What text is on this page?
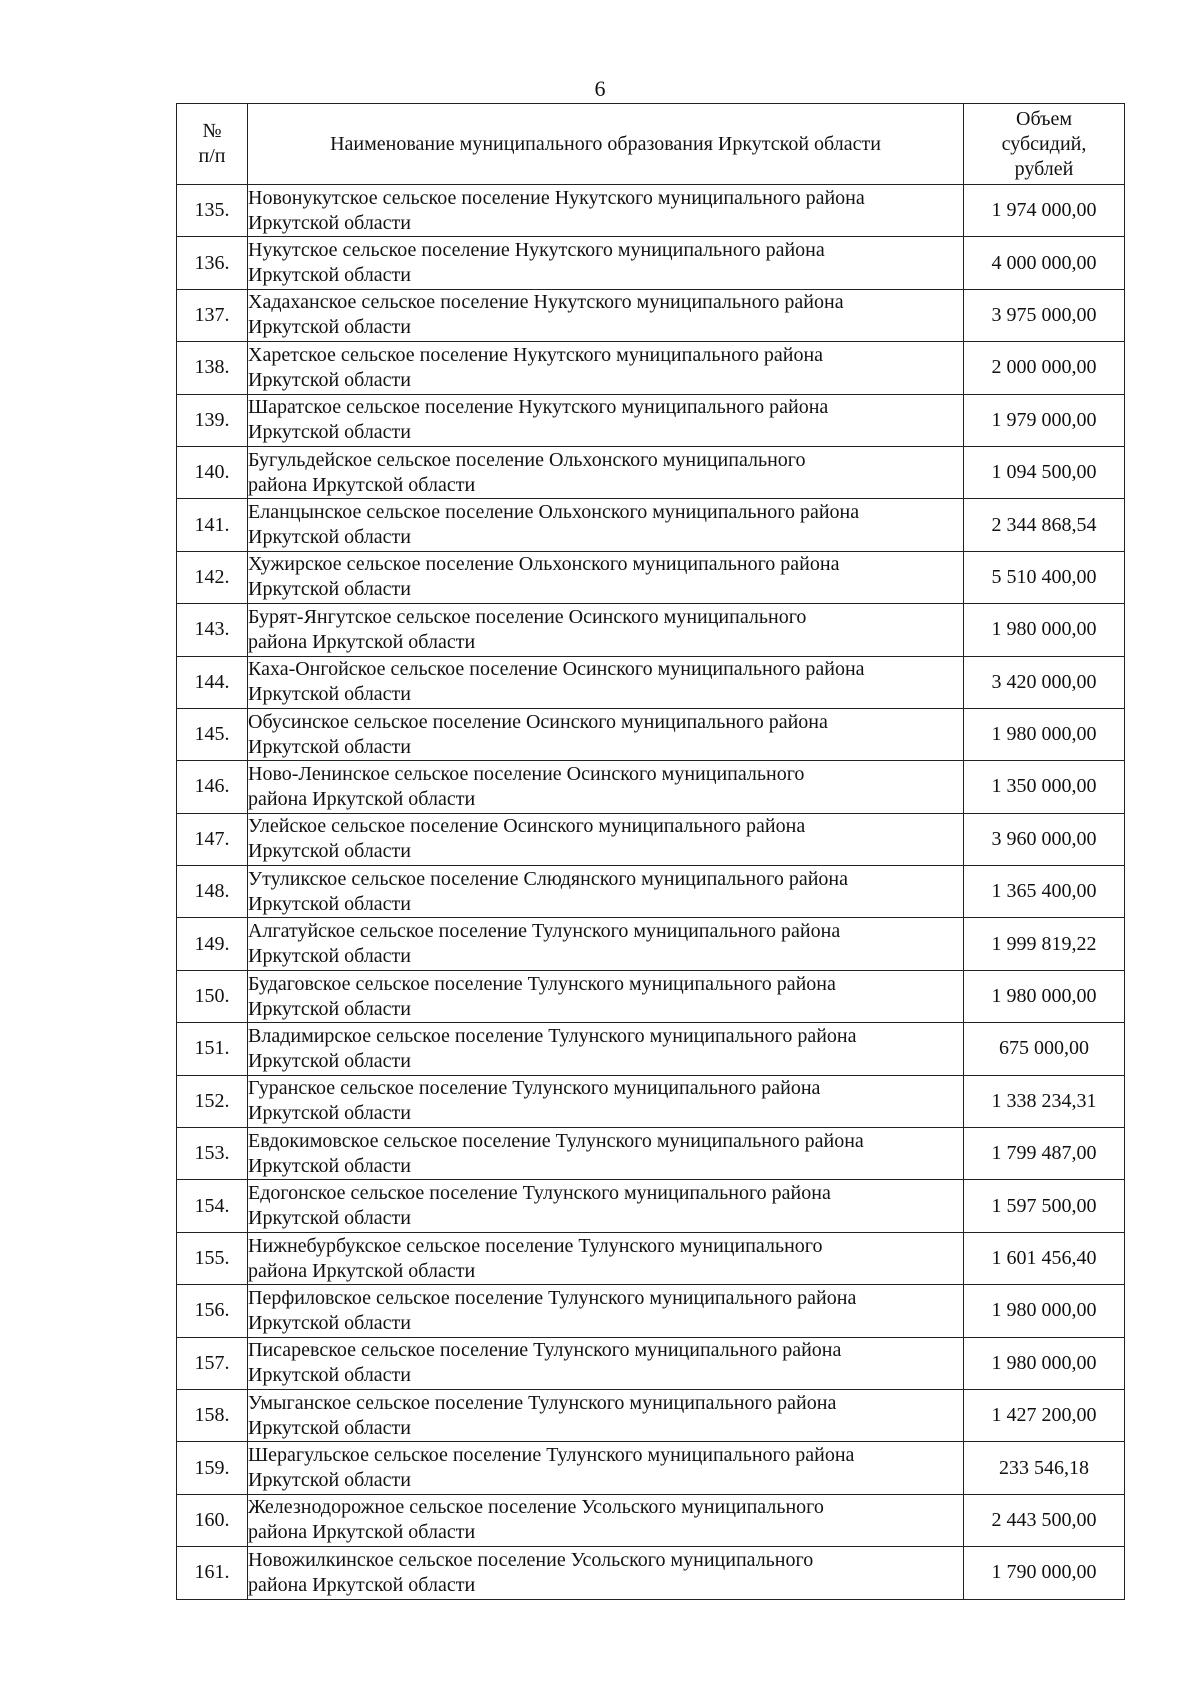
6
№
п/п	Наименование муниципального образования Иркутской области	Объем
субсидий,
рублей

135.	Новонукутское сельское поселение Нукутского муниципального района
Иркутской области	1 974 000,00
136.	Нукутское сельское поселение Нукутского муниципального района
Иркутской области	4 000 000,00
137.	Хадаханское сельское поселение Нукутского муниципального района
Иркутской области	3 975 000,00
138.	Харетское сельское поселение Нукутского муниципального района
Иркутской области	2 000 000,00
139.	Шаратское сельское поселение Нукутского муниципального района
Иркутской области	1 979 000,00
140.	Бугульдейское сельское поселение Ольхонского муниципального
района Иркутской области	1 094 500,00
141.	Еланцынское сельское поселение Ольхонского муниципального района
Иркутской области	2 344 868,54
142.	Хужирское сельское поселение Ольхонского муниципального района
Иркутской области	5 510 400,00
143.	Бурят-Янгутское сельское поселение Осинского муниципального
района Иркутской области	1 980 000,00
144.	Каха-Онгойское сельское поселение Осинского муниципального района
Иркутской области	3 420 000,00
145.	Обусинское сельское поселение Осинского муниципального района
Иркутской области	1 980 000,00
146.	Ново-Ленинское сельское поселение Осинского муниципального
района Иркутской области	1 350 000,00
147.	Улейское сельское поселение Осинского муниципального района
Иркутской области	3 960 000,00
148.	Утуликское сельское поселение Слюдянского муниципального района
Иркутской области	1 365 400,00
149.	Алгатуйское сельское поселение Тулунского муниципального района
Иркутской области	1 999 819,22
150.	Будаговское сельское поселение Тулунского муниципального района
Иркутской области	1 980 000,00
151.	Владимирское сельское поселение Тулунского муниципального района
Иркутской области	675 000,00
152.	Гуранское сельское поселение Тулунского муниципального района
Иркутской области	1 338 234,31
153.	Евдокимовское сельское поселение Тулунского муниципального района
Иркутской области	1 799 487,00
154.	Едогонское сельское поселение Тулунского муниципального района
Иркутской области	1 597 500,00
155.	Нижнебурбукское сельское поселение Тулунского муниципального
района Иркутской области	1 601 456,40
156.	Перфиловское сельское поселение Тулунского муниципального района
Иркутской области	1 980 000,00
157.	Писаревское сельское поселение Тулунского муниципального района
Иркутской области	1 980 000,00
158.	Умыганское сельское поселение Тулунского муниципального района
Иркутской области	1 427 200,00
159.	Шерагульское сельское поселение Тулунского муниципального района
Иркутской области	233 546,18
160.	Железнодорожное сельское поселение Усольского муниципального
района Иркутской области	2 443 500,00
161.	Новожилкинское сельское поселение Усольского муниципального
района Иркутской области	1 790 000,00
